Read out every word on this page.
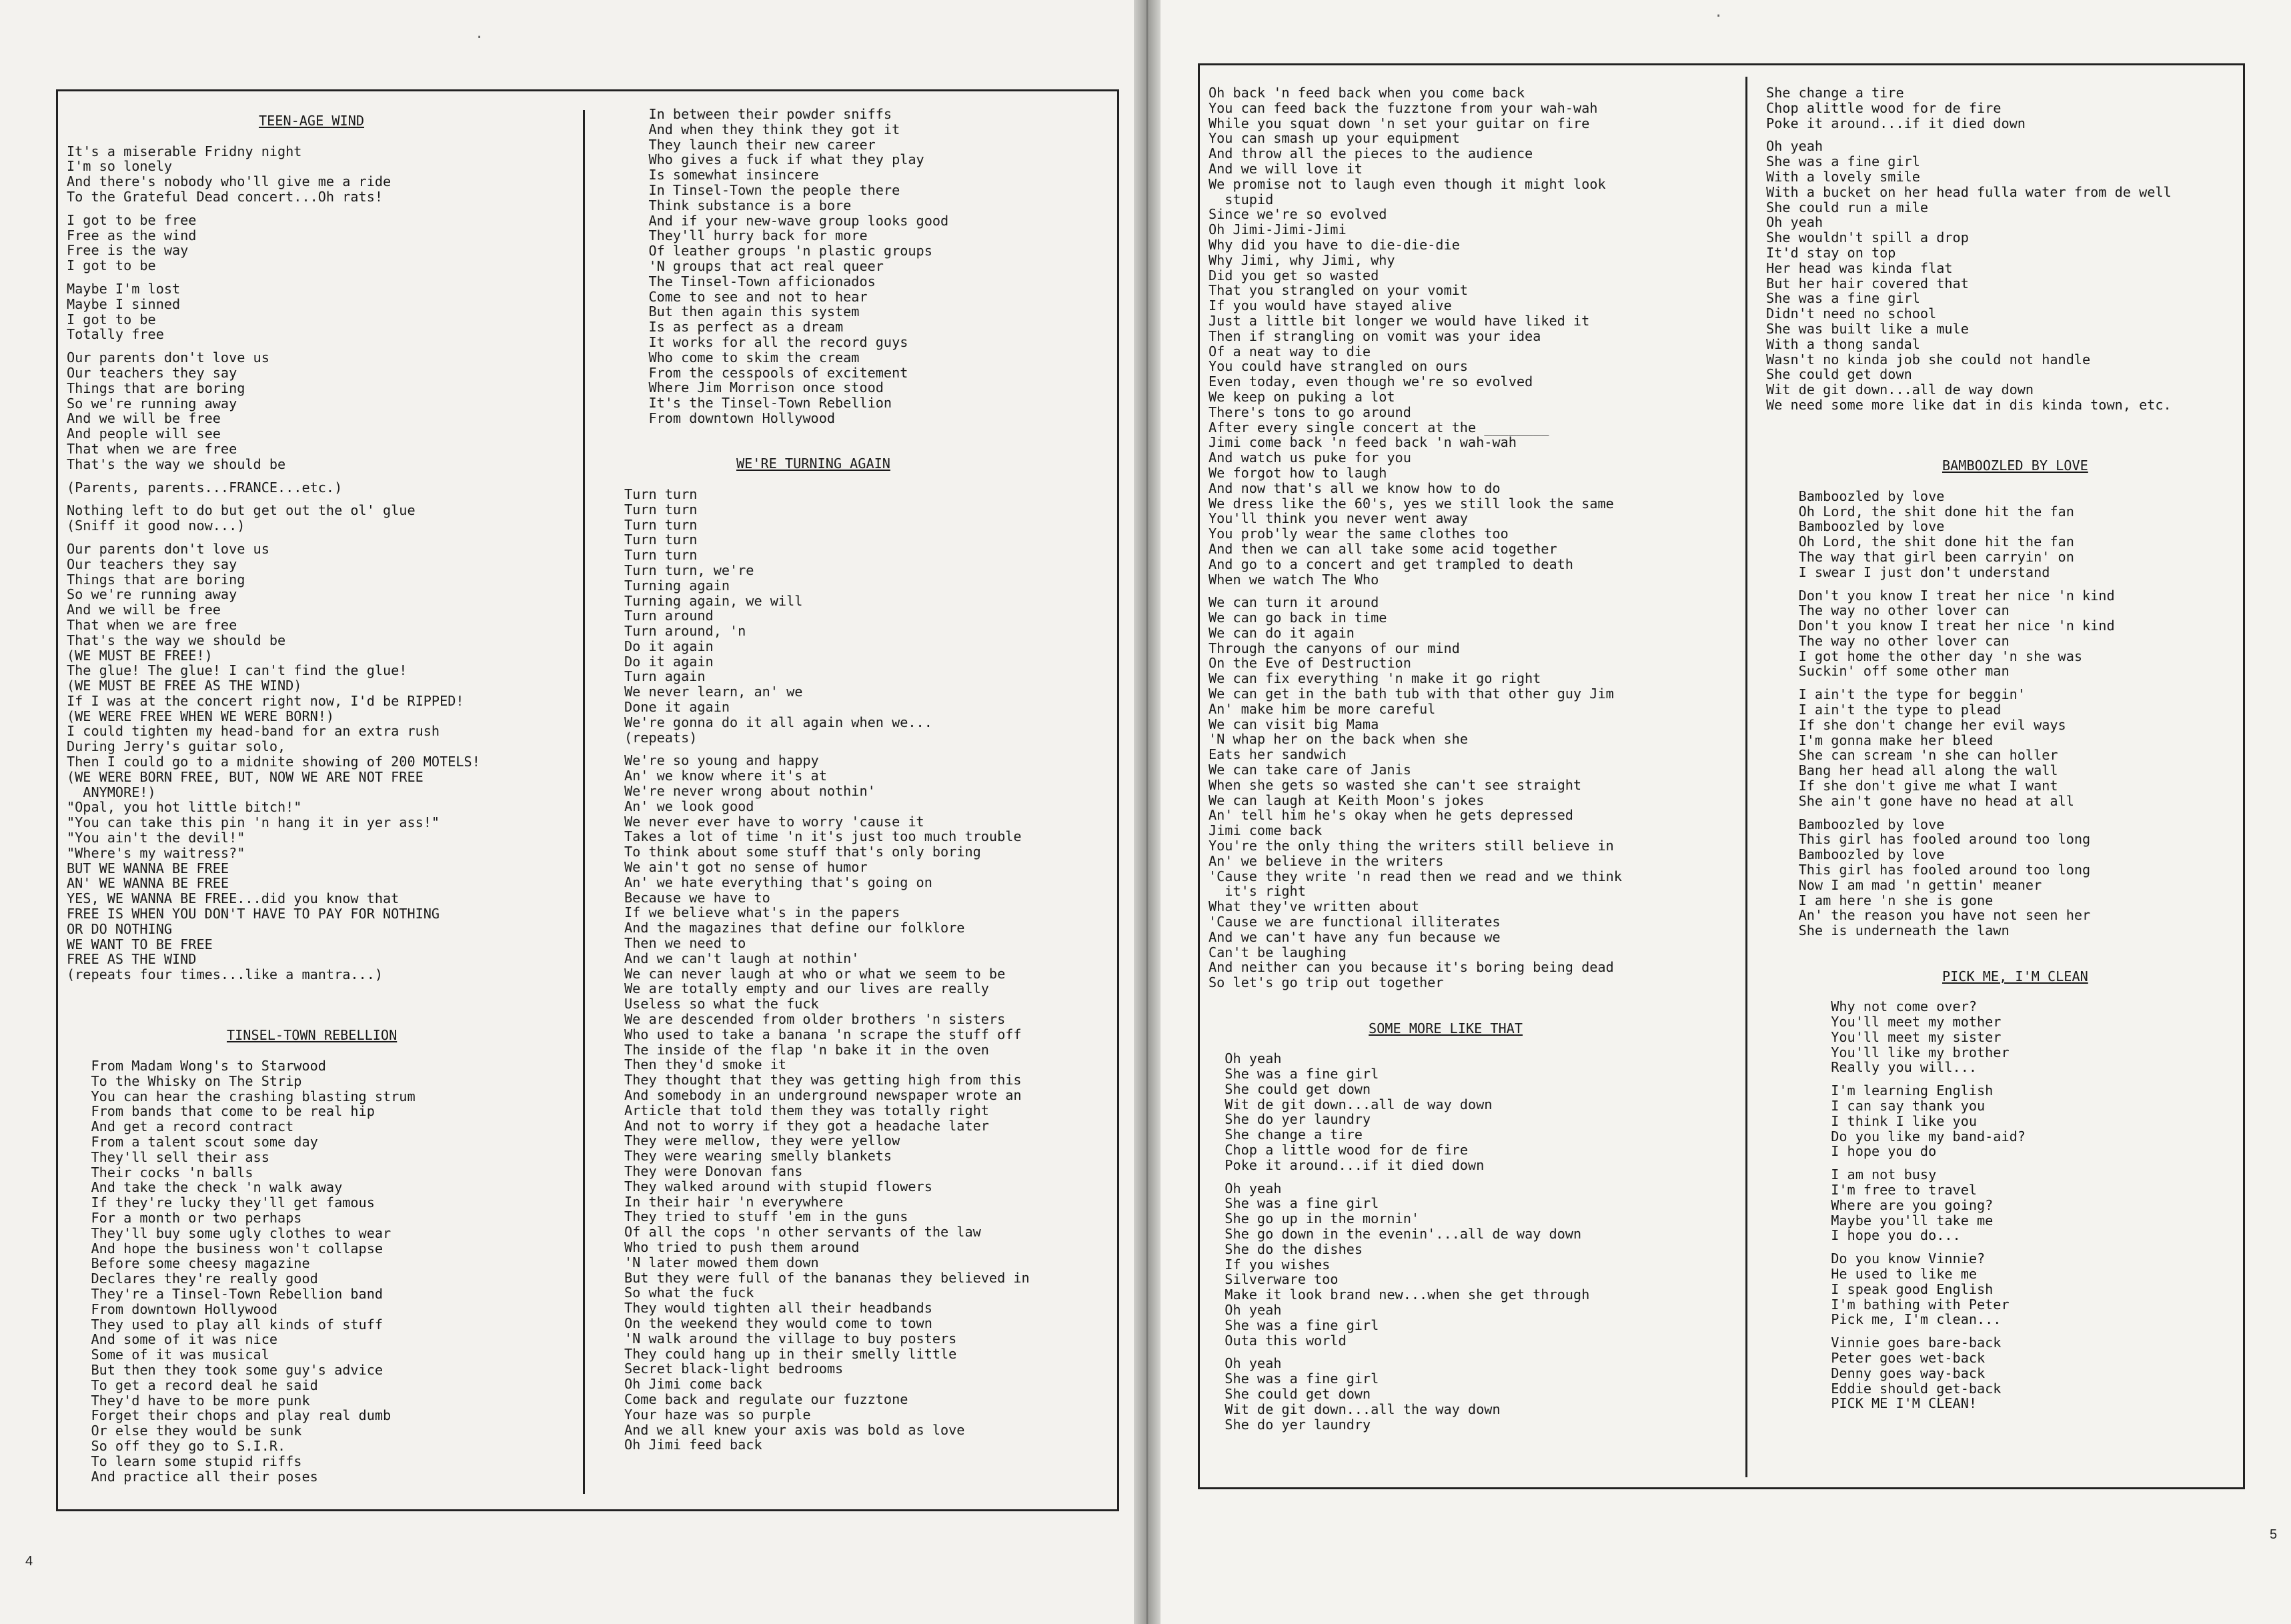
·
·
TEEN-AGE WIND
It's a miserable Fridny night
I'm so lonely
And there's nobody who'll give me a ride
To the Grateful Dead concert...Oh rats!
I got to be free
Free as the wind
Free is the way
I got to be
Maybe I'm lost
Maybe I sinned
I got to be
Totally free
Our parents don't love us
Our teachers they say
Things that are boring
So we're running away
And we will be free
And people will see
That when we are free
That's the way we should be
(Parents, parents...FRANCE...etc.)
Nothing left to do but get out the ol' glue
(Sniff it good now...)
Our parents don't love us
Our teachers they say
Things that are boring
So we're running away
And we will be free
That when we are free
That's the way we should be
(WE MUST BE FREE!)
The glue! The glue! I can't find the glue!
(WE MUST BE FREE AS THE WIND)
If I was at the concert right now, I'd be RIPPED!
(WE WERE FREE WHEN WE WERE BORN!)
I could tighten my head-band for an extra rush
During Jerry's guitar solo,
Then I could go to a midnite showing of 200 MOTELS!
(WE WERE BORN FREE, BUT, NOW WE ARE NOT FREE
ANYMORE!)
"Opal, you hot little bitch!"
"You can take this pin 'n hang it in yer ass!"
"You ain't the devil!"
"Where's my waitress?"
BUT WE WANNA BE FREE
AN' WE WANNA BE FREE
YES, WE WANNA BE FREE...did you know that
FREE IS WHEN YOU DON'T HAVE TO PAY FOR NOTHING
OR DO NOTHING
WE WANT TO BE FREE
FREE AS THE WIND
(repeats four times...like a mantra...)
TINSEL-TOWN REBELLION
From Madam Wong's to Starwood
To the Whisky on The Strip
You can hear the crashing blasting strum
From bands that come to be real hip
And get a record contract
From a talent scout some day
They'll sell their ass
Their cocks 'n balls
And take the check 'n walk away
If they're lucky they'll get famous
For a month or two perhaps
They'll buy some ugly clothes to wear
And hope the business won't collapse
Before some cheesy magazine
Declares they're really good
They're a Tinsel-Town Rebellion band
From downtown Hollywood
They used to play all kinds of stuff
And some of it was nice
Some of it was musical
But then they took some guy's advice
To get a record deal he said
They'd have to be more punk
Forget their chops and play real dumb
Or else they would be sunk
So off they go to S.I.R.
To learn some stupid riffs
And practice all their poses
In between their powder sniffs
And when they think they got it
They launch their new career
Who gives a fuck if what they play
Is somewhat insincere
In Tinsel-Town the people there
Think substance is a bore
And if your new-wave group looks good
They'll hurry back for more
Of leather groups 'n plastic groups
'N groups that act real queer
The Tinsel-Town afficionados
Come to see and not to hear
But then again this system
Is as perfect as a dream
It works for all the record guys
Who come to skim the cream
From the cesspools of excitement
Where Jim Morrison once stood
It's the Tinsel-Town Rebellion
From downtown Hollywood
WE'RE TURNING AGAIN
Turn turn
Turn turn
Turn turn
Turn turn
Turn turn
Turn turn, we're
Turning again
Turning again, we will
Turn around
Turn around, 'n
Do it again
Do it again
Turn again
We never learn, an' we
Done it again
We're gonna do it all again when we...
(repeats)
We're so young and happy
An' we know where it's at
We're never wrong about nothin'
An' we look good
We never ever have to worry 'cause it
Takes a lot of time 'n it's just too much trouble
To think about some stuff that's only boring
We ain't got no sense of humor
An' we hate everything that's going on
Because we have to
If we believe what's in the papers
And the magazines that define our folklore
Then we need to
And we can't laugh at nothin'
We can never laugh at who or what we seem to be
We are totally empty and our lives are really
Useless so what the fuck
We are descended from older brothers 'n sisters
Who used to take a banana 'n scrape the stuff off
The inside of the flap 'n bake it in the oven
Then they'd smoke it
They thought that they was getting high from this
And somebody in an underground newspaper wrote an
Article that told them they was totally right
And not to worry if they got a headache later
They were mellow, they were yellow
They were wearing smelly blankets
They were Donovan fans
They walked around with stupid flowers
In their hair 'n everywhere
They tried to stuff 'em in the guns
Of all the cops 'n other servants of the law
Who tried to push them around
'N later mowed them down
But they were full of the bananas they believed in
So what the fuck
They would tighten all their headbands
On the weekend they would come to town
'N walk around the village to buy posters
They could hang up in their smelly little
Secret black-light bedrooms
Oh Jimi come back
Come back and regulate our fuzztone
Your haze was so purple
And we all knew your axis was bold as love
Oh Jimi feed back
Oh back 'n feed back when you come back
You can feed back the fuzztone from your wah-wah
While you squat down 'n set your guitar on fire
You can smash up your equipment
And throw all the pieces to the audience
And we will love it
We promise not to laugh even though it might look
stupid
Since we're so evolved
Oh Jimi-Jimi-Jimi
Why did you have to die-die-die
Why Jimi, why Jimi, why
Did you get so wasted
That you strangled on your vomit
If you would have stayed alive
Just a little bit longer we would have liked it
Then if strangling on vomit was your idea
Of a neat way to die
You could have strangled on ours
Even today, even though we're so evolved
We keep on puking a lot
There's tons to go around
After every single concert at the ________
Jimi come back 'n feed back 'n wah-wah
And watch us puke for you
We forgot how to laugh
And now that's all we know how to do
We dress like the 60's, yes we still look the same
You'll think you never went away
You prob'ly wear the same clothes too
And then we can all take some acid together
And go to a concert and get trampled to death
When we watch The Who
We can turn it around
We can go back in time
We can do it again
Through the canyons of our mind
On the Eve of Destruction
We can fix everything 'n make it go right
We can get in the bath tub with that other guy Jim
An' make him be more careful
We can visit big Mama
'N whap her on the back when she
Eats her sandwich
We can take care of Janis
When she gets so wasted she can't see straight
We can laugh at Keith Moon's jokes
An' tell him he's okay when he gets depressed
Jimi come back
You're the only thing the writers still believe in
An' we believe in the writers
'Cause they write 'n read then we read and we think
it's right
What they've written about
'Cause we are functional illiterates
And we can't have any fun because we
Can't be laughing
And neither can you because it's boring being dead
So let's go trip out together
SOME MORE LIKE THAT
Oh yeah
She was a fine girl
She could get down
Wit de git down...all de way down
She do yer laundry
She change a tire
Chop a little wood for de fire
Poke it around...if it died down
Oh yeah
She was a fine girl
She go up in the mornin'
She go down in the evenin'...all de way down
She do the dishes
If you wishes
Silverware too
Make it look brand new...when she get through
Oh yeah
She was a fine girl
Outa this world
Oh yeah
She was a fine girl
She could get down
Wit de git down...all the way down
She do yer laundry
She change a tire
Chop alittle wood for de fire
Poke it around...if it died down
Oh yeah
She was a fine girl
With a lovely smile
With a bucket on her head fulla water from de well
She could run a mile
Oh yeah
She wouldn't spill a drop
It'd stay on top
Her head was kinda flat
But her hair covered that
She was a fine girl
Didn't need no school
She was built like a mule
With a thong sandal
Wasn't no kinda job she could not handle
She could get down
Wit de git down...all de way down
We need some more like dat in dis kinda town, etc.
BAMBOOZLED BY LOVE
Bamboozled by love
Oh Lord, the shit done hit the fan
Bamboozled by love
Oh Lord, the shit done hit the fan
The way that girl been carryin' on
I swear I just don't understand
Don't you know I treat her nice 'n kind
The way no other lover can
Don't you know I treat her nice 'n kind
The way no other lover can
I got home the other day 'n she was
Suckin' off some other man
I ain't the type for beggin'
I ain't the type to plead
If she don't change her evil ways
I'm gonna make her bleed
She can scream 'n she can holler
Bang her head all along the wall
If she don't give me what I want
She ain't gone have no head at all
Bamboozled by love
This girl has fooled around too long
Bamboozled by love
This girl has fooled around too long
Now I am mad 'n gettin' meaner
I am here 'n she is gone
An' the reason you have not seen her
She is underneath the lawn
PICK ME, I'M CLEAN
Why not come over?
You'll meet my mother
You'll meet my sister
You'll like my brother
Really you will...
I'm learning English
I can say thank you
I think I like you
Do you like my band-aid?
I hope you do
I am not busy
I'm free to travel
Where are you going?
Maybe you'll take me
I hope you do...
Do you know Vinnie?
He used to like me
I speak good English
I'm bathing with Peter
Pick me, I'm clean...
Vinnie goes bare-back
Peter goes wet-back
Denny goes way-back
Eddie should get-back
PICK ME I'M CLEAN!
4
5
